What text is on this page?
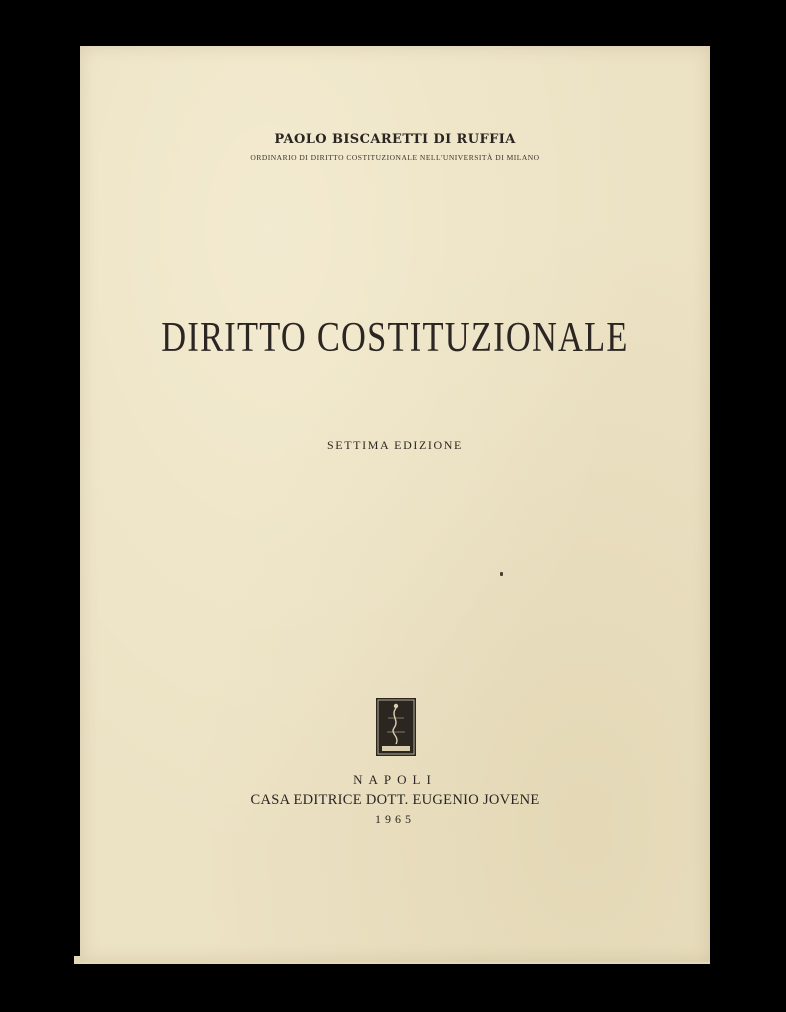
PAOLO BISCARETTI DI RUFFIA
ORDINARIO DI DIRITTO COSTITUZIONALE NELL'UNIVERSITÀ DI MILANO
DIRITTO COSTITUZIONALE
SETTIMA EDIZIONE
NAPOLI
CASA EDITRICE DOTT. EUGENIO JOVENE
1965
